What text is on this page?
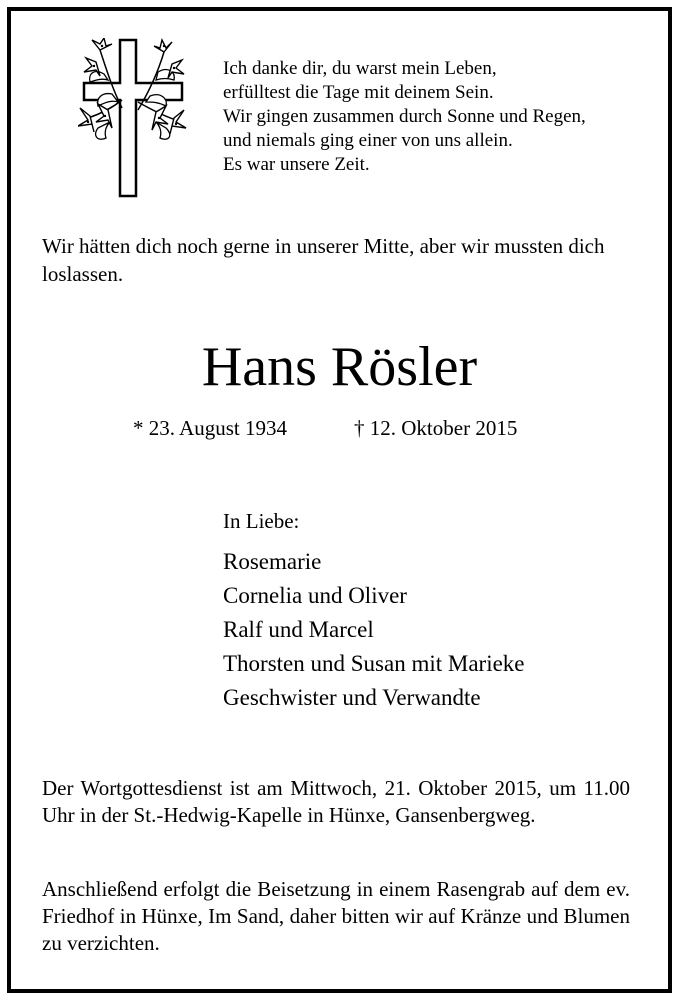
Ich danke dir, du warst mein Leben,
erfülltest die Tage mit deinem Sein.
Wir gingen zusammen durch Sonne und Regen,
und niemals ging einer von uns allein.
Es war unsere Zeit.
Wir hätten dich noch gerne in unserer Mitte, aber wir mussten dich loslassen.
Hans Rösler
* 23. August 1934	† 12. Oktober 2015
In Liebe:
Rosemarie
Cornelia und Oliver
Ralf und Marcel
Thorsten und Susan mit Marieke
Geschwister und Verwandte
Der Wortgottesdienst ist am Mittwoch, 21. Oktober 2015, um 11.00 Uhr in der St.-Hedwig-Kapelle in Hünxe, Gansenbergweg.
Anschließend erfolgt die Beisetzung in einem Rasengrab auf dem ev. Friedhof in Hünxe, Im Sand, daher bitten wir auf Kränze und Blumen zu verzichten.
